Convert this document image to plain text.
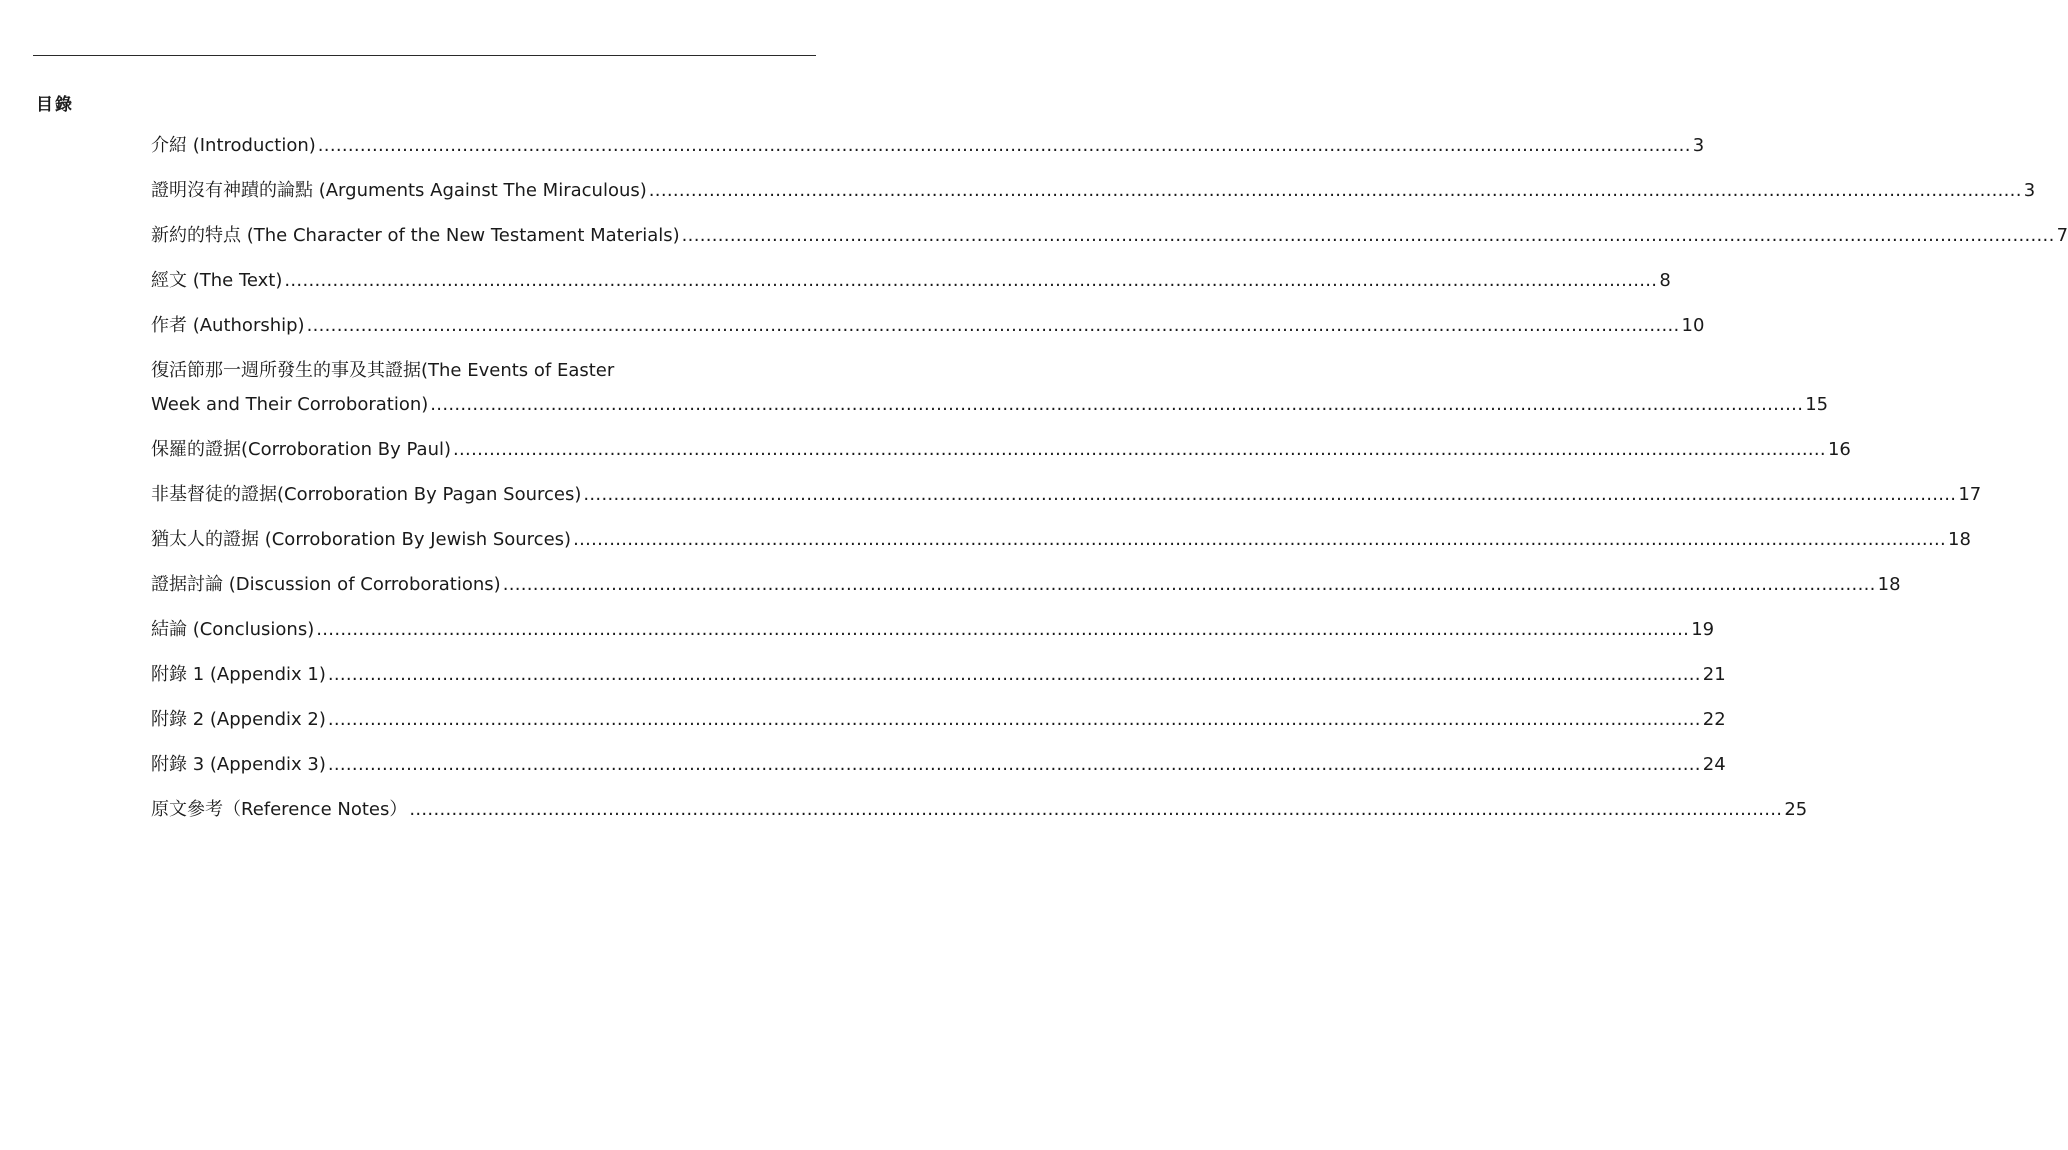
目錄
介紹 (Introduction) .....	3
證明沒有神蹟的論點 (Arguments Against The Miraculous) .....	3
新約的特点 (The Character of the New Testament Materials) .....	7
經文 (The Text) .....	8
作者 (Authorship) .....	10
復活節那一週所發生的事及其證据(The Events of Easter
Week and Their Corroboration) .....	15
保羅的證据(Corroboration By Paul) .....	16
非基督徒的證据(Corroboration By Pagan Sources) .....	17
猶太人的證据 (Corroboration By Jewish Sources) .....	18
證据討論 (Discussion of Corroborations) .....	18
結論 (Conclusions) .....	19
附錄 1 (Appendix 1) .....	21
附錄 2 (Appendix 2) .....	22
附錄 3 (Appendix 3) .....	24
原文參考（Reference Notes） .....	25
